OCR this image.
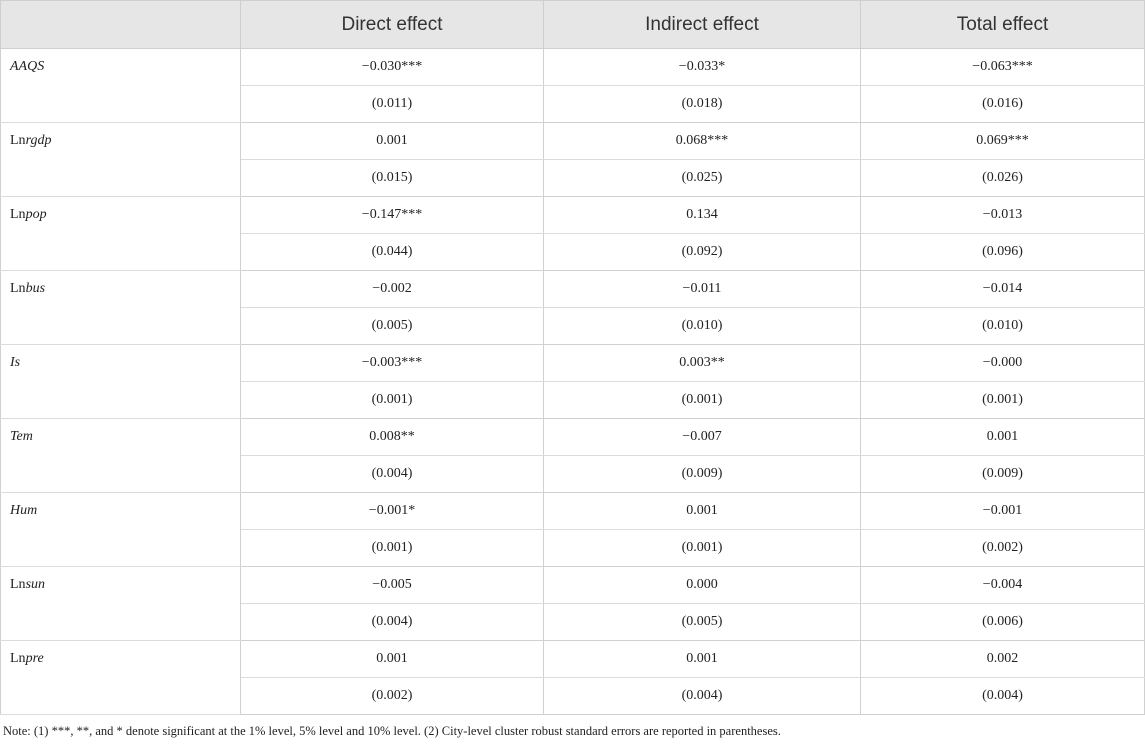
	Direct effect	Indirect effect	Total effect
AAQS	−0.030***	−0.033*	−0.063***
	(0.011)	(0.018)	(0.016)
Lnrgdp	0.001	0.068***	0.069***
	(0.015)	(0.025)	(0.026)
Lnpop	−0.147***	0.134	−0.013
	(0.044)	(0.092)	(0.096)
Lnbus	−0.002	−0.011	−0.014
	(0.005)	(0.010)	(0.010)
Is	−0.003***	0.003**	−0.000
	(0.001)	(0.001)	(0.001)
Tem	0.008**	−0.007	0.001
	(0.004)	(0.009)	(0.009)
Hum	−0.001*	0.001	−0.001
	(0.001)	(0.001)	(0.002)
Lnsun	−0.005	0.000	−0.004
	(0.004)	(0.005)	(0.006)
Lnpre	0.001	0.001	0.002
	(0.002)	(0.004)	(0.004)
Note: (1) ***, **, and * denote significant at the 1% level, 5% level and 10% level. (2) City-level cluster robust standard errors are reported in parentheses.
